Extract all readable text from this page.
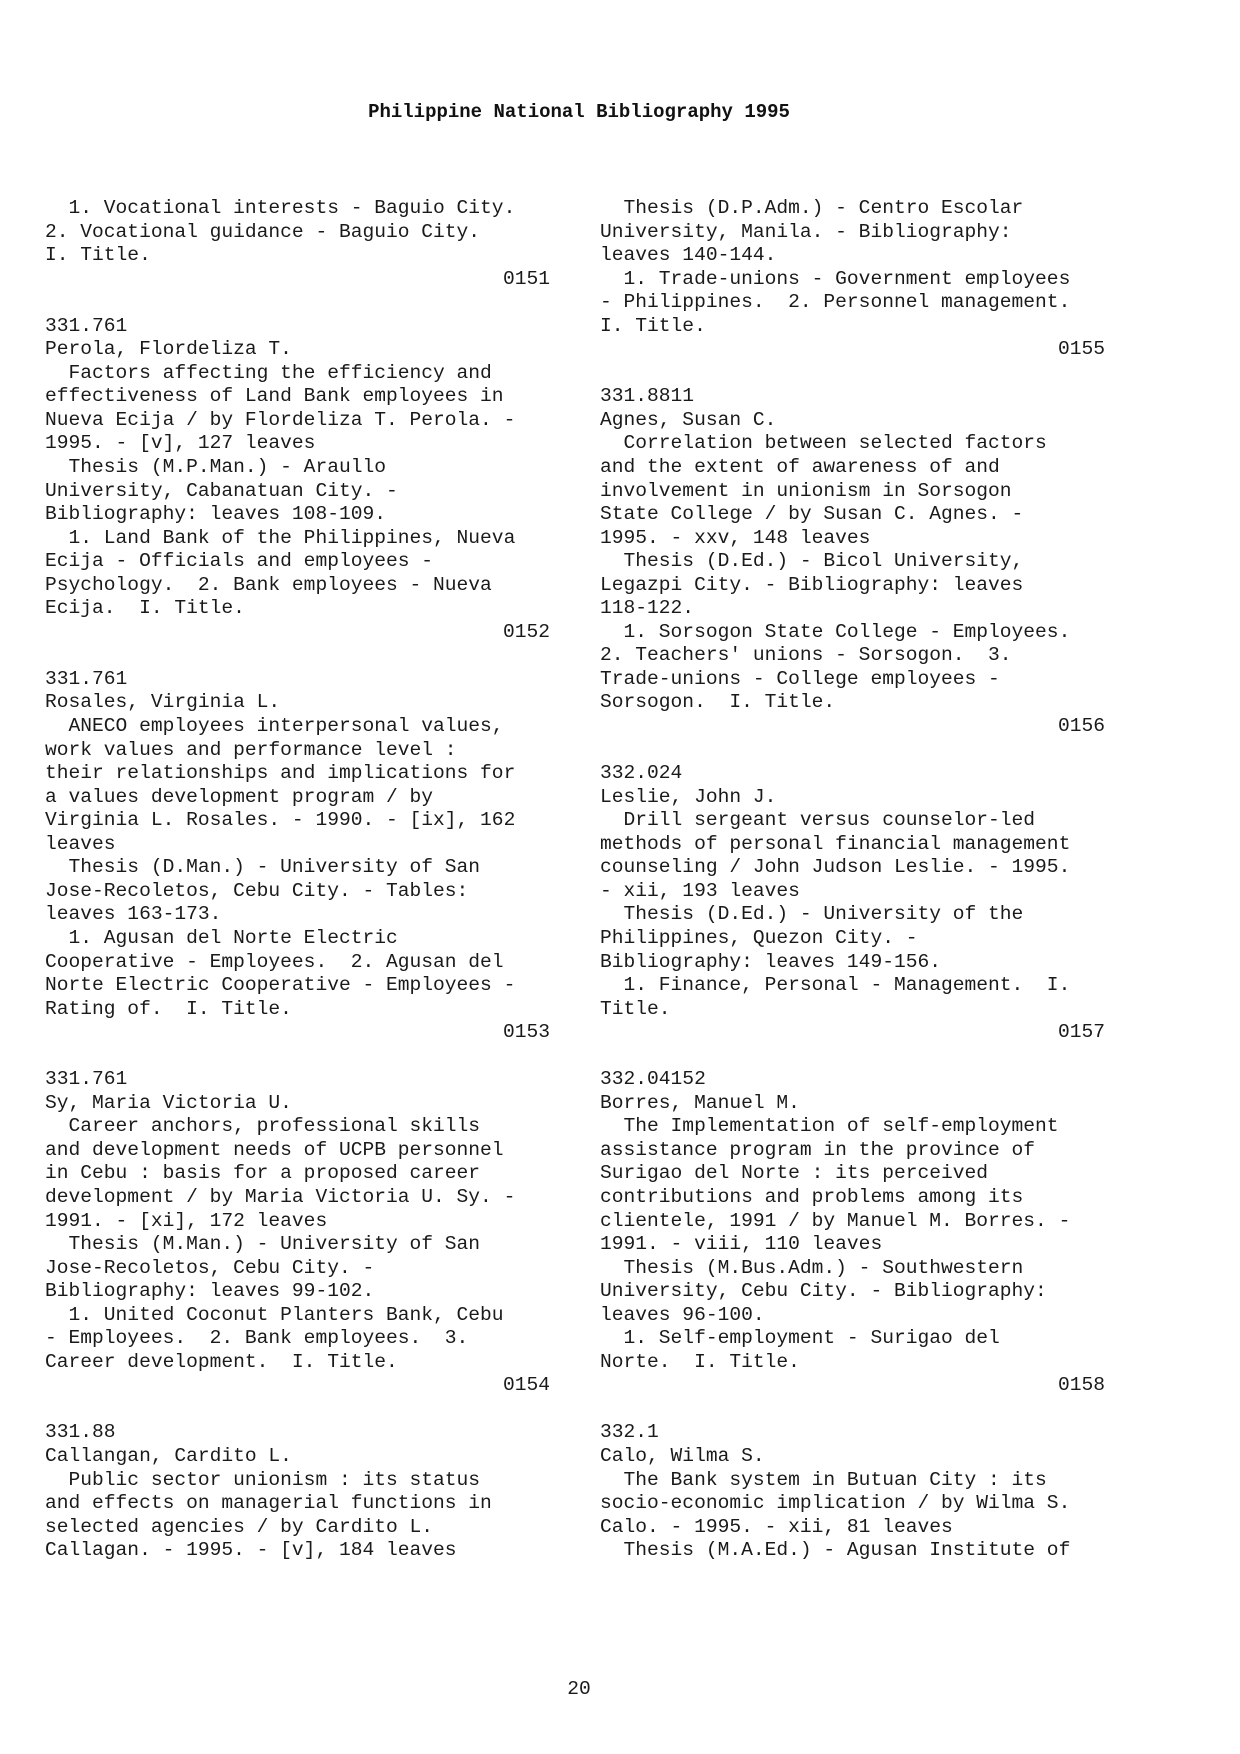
Philippine National Bibliography 1995
1. Vocational interests - Baguio City.
2. Vocational guidance - Baguio City.
I. Title.
0151
331.761
Perola, Flordeliza T.
Factors affecting the efficiency and
effectiveness of Land Bank employees in
Nueva Ecija / by Flordeliza T. Perola. -
1995. - [v], 127 leaves
Thesis (M.P.Man.) - Araullo
University, Cabanatuan City. -
Bibliography: leaves 108-109.
1. Land Bank of the Philippines, Nueva
Ecija - Officials and employees -
Psychology.  2. Bank employees - Nueva
Ecija.  I. Title.
0152
331.761
Rosales, Virginia L.
ANECO employees interpersonal values,
work values and performance level :
their relationships and implications for
a values development program / by
Virginia L. Rosales. - 1990. - [ix], 162
leaves
Thesis (D.Man.) - University of San
Jose-Recoletos, Cebu City. - Tables:
leaves 163-173.
1. Agusan del Norte Electric
Cooperative - Employees.  2. Agusan del
Norte Electric Cooperative - Employees -
Rating of.  I. Title.
0153
331.761
Sy, Maria Victoria U.
Career anchors, professional skills
and development needs of UCPB personnel
in Cebu : basis for a proposed career
development / by Maria Victoria U. Sy. -
1991. - [xi], 172 leaves
Thesis (M.Man.) - University of San
Jose-Recoletos, Cebu City. -
Bibliography: leaves 99-102.
1. United Coconut Planters Bank, Cebu
- Employees.  2. Bank employees.  3.
Career development.  I. Title.
0154
331.88
Callangan, Cardito L.
Public sector unionism : its status
and effects on managerial functions in
selected agencies / by Cardito L.
Callagan. - 1995. - [v], 184 leaves
Thesis (D.P.Adm.) - Centro Escolar
University, Manila. - Bibliography:
leaves 140-144.
1. Trade-unions - Government employees
- Philippines.  2. Personnel management.
I. Title.
0155
331.8811
Agnes, Susan C.
Correlation between selected factors
and the extent of awareness of and
involvement in unionism in Sorsogon
State College / by Susan C. Agnes. -
1995. - xxv, 148 leaves
Thesis (D.Ed.) - Bicol University,
Legazpi City. - Bibliography: leaves
118-122.
1. Sorsogon State College - Employees.
2. Teachers' unions - Sorsogon.  3.
Trade-unions - College employees -
Sorsogon.  I. Title.
0156
332.024
Leslie, John J.
Drill sergeant versus counselor-led
methods of personal financial management
counseling / John Judson Leslie. - 1995.
- xii, 193 leaves
Thesis (D.Ed.) - University of the
Philippines, Quezon City. -
Bibliography: leaves 149-156.
1. Finance, Personal - Management.  I.
Title.
0157
332.04152
Borres, Manuel M.
The Implementation of self-employment
assistance program in the province of
Surigao del Norte : its perceived
contributions and problems among its
clientele, 1991 / by Manuel M. Borres. -
1991. - viii, 110 leaves
Thesis (M.Bus.Adm.) - Southwestern
University, Cebu City. - Bibliography:
leaves 96-100.
1. Self-employment - Surigao del
Norte.  I. Title.
0158
332.1
Calo, Wilma S.
The Bank system in Butuan City : its
socio-economic implication / by Wilma S.
Calo. - 1995. - xii, 81 leaves
Thesis (M.A.Ed.) - Agusan Institute of
20
